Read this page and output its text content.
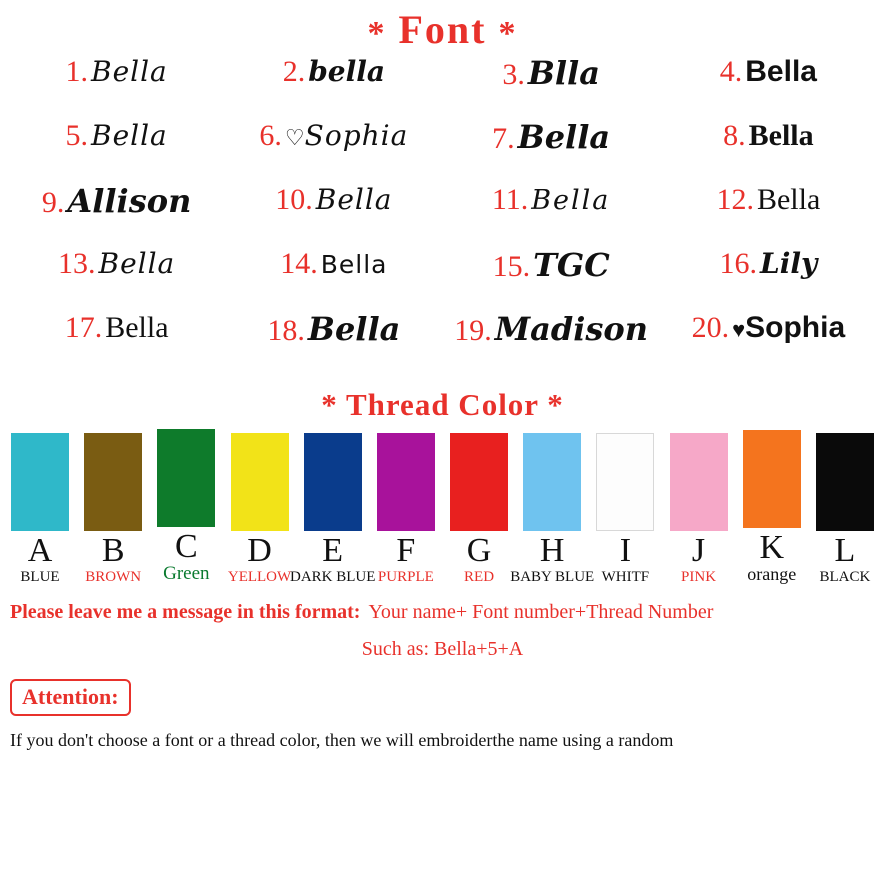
* Font *
1. Bella	2. bella	3. Blla	4. Bella
5. Bella	6. ♡ Sophia	7. Bella	8. Bella
9. Allison	10. Bella	11. Bella	12. Bella
13. Bella	14. Bella	15. TGC	16. Lily
17. Bella	18. Bella 19. Madison 20. ♥ Sophia
* Thread Color *
A
BLUE
B
BROWN
C
Green
D
YELLOW
E
DARK BLUE
F
PURPLE
G
RED
H
BABY BLUE
I
WHITF
J
PINK
K
orange
L
BLACK
Please leave me a message in this format: Your name+ Font number+Thread Number
Such as: Bella+5+A
Attention:
If you don't choose a font or a thread color, then we will embroiderthe name using a random
